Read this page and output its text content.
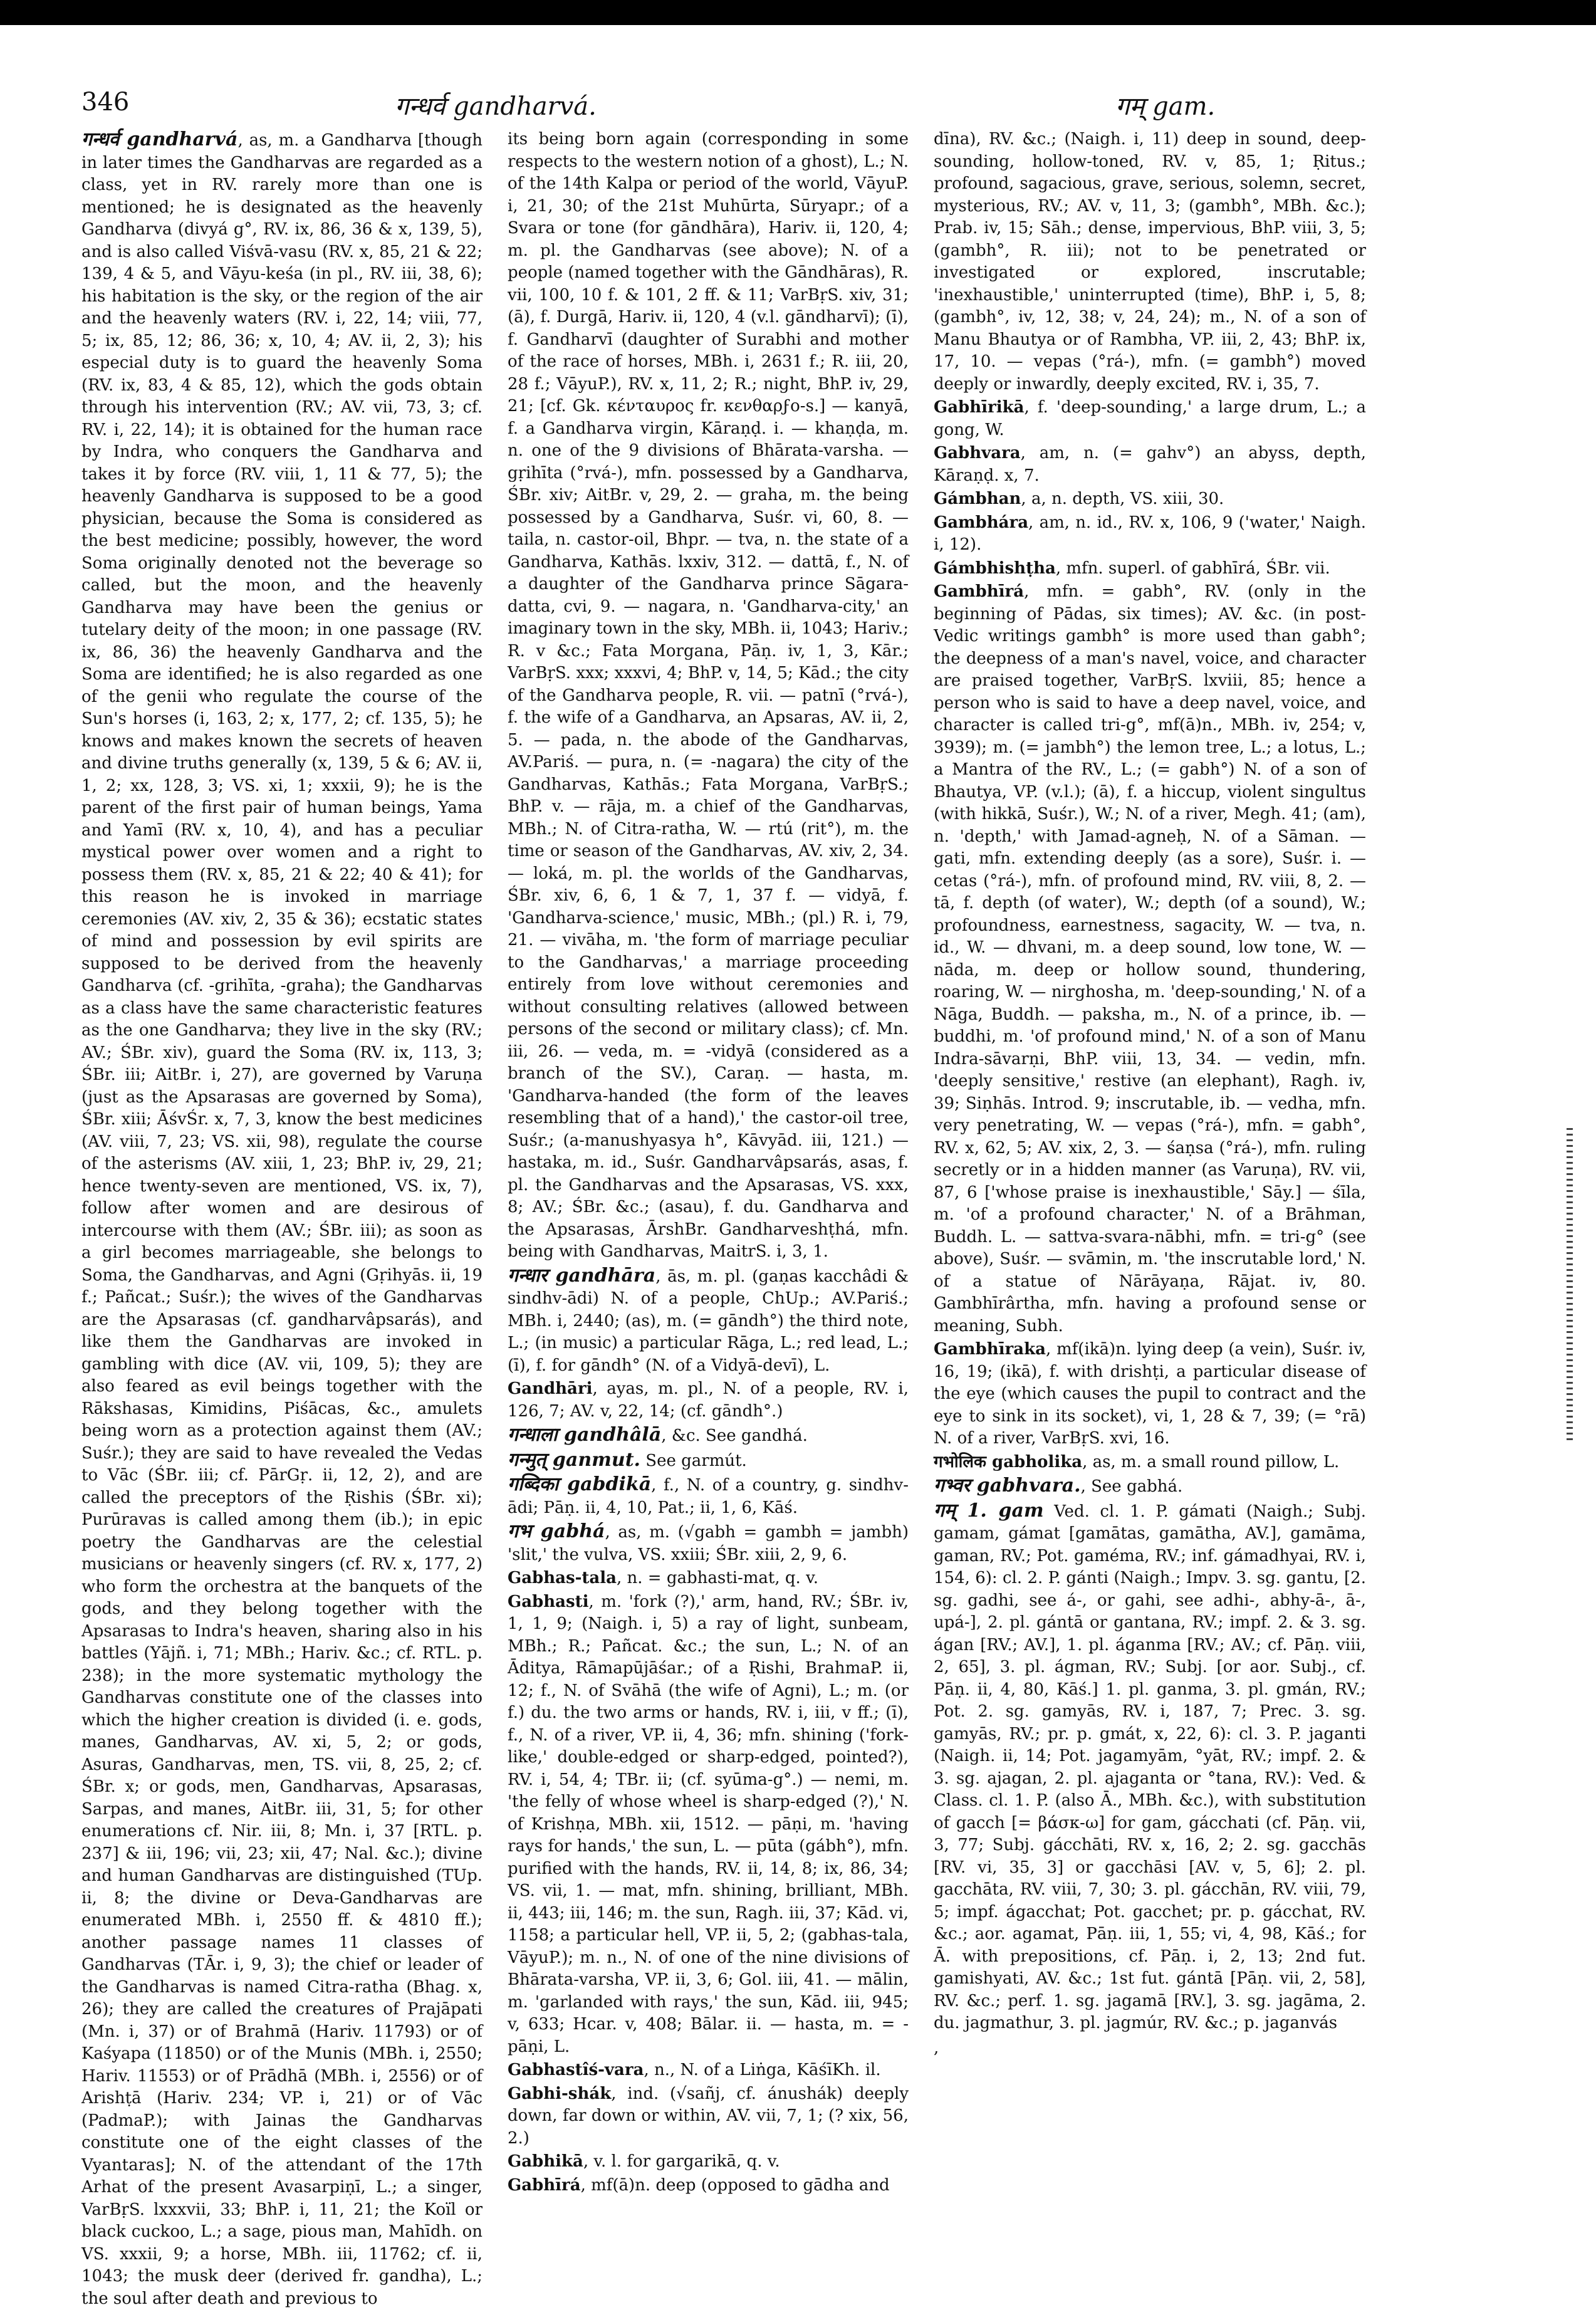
346	गन्धर्व gandharvá.	गम् gam.

गन्धर्व gandharvá, as, m. a Gandharva [though in later times the Gandharvas are regarded as a class, yet in RV. rarely more than one is mentioned; he is designated as the heavenly Gandharva (divyá g°, RV. ix, 86, 36 & x, 139, 5), and is also called Viśvā-vasu (RV. x, 85, 21 & 22; 139, 4 & 5, and Vāyu-keśa (in pl., RV. iii, 38, 6); his habitation is the sky, or the region of the air and the heavenly waters (RV. i, 22, 14; viii, 77, 5; ix, 85, 12; 86, 36; x, 10, 4; AV. ii, 2, 3); his especial duty is to guard the heavenly Soma (RV. ix, 83, 4 & 85, 12), which the gods obtain through his intervention (RV.; AV. vii, 73, 3; cf. RV. i, 22, 14); it is obtained for the human race by Indra, who conquers the Gandharva and takes it by force (RV. viii, 1, 11 & 77, 5); the heavenly Gandharva is supposed to be a good physician, because the Soma is considered as the best medicine; possibly, however, the word Soma originally denoted not the beverage so called, but the moon, and the heavenly Gandharva may have been the genius or tutelary deity of the moon; in one passage (RV. ix, 86, 36) the heavenly Gandharva and the Soma are identified; he is also regarded as one of the genii who regulate the course of the Sun's horses (i, 163, 2; x, 177, 2; cf. 135, 5); he knows and makes known the secrets of heaven and divine truths generally (x, 139, 5 & 6; AV. ii, 1, 2; xx, 128, 3; VS. xi, 1; xxxii, 9); he is the parent of the first pair of human beings, Yama and Yamī (RV. x, 10, 4), and has a peculiar mystical power over women and a right to possess them (RV. x, 85, 21 & 22; 40 & 41); for this reason he is invoked in marriage ceremonies (AV. xiv, 2, 35 & 36); ecstatic states of mind and possession by evil spirits are supposed to be derived from the heavenly Gandharva (cf. -grihīta, -graha); the Gandharvas as a class have the same characteristic features as the one Gandharva; they live in the sky (RV.; AV.; ŚBr. xiv), guard the Soma (RV. ix, 113, 3; ŚBr. iii; AitBr. i, 27), are governed by Varuṇa (just as the Apsarasas are governed by Soma), ŚBr. xiii; ĀśvŚr. x, 7, 3, know the best medicines (AV. viii, 7, 23; VS. xii, 98), regulate the course of the asterisms (AV. xiii, 1, 23; BhP. iv, 29, 21; hence twenty-seven are mentioned, VS. ix, 7), follow after women and are desirous of intercourse with them (AV.; ŚBr. iii); as soon as a girl becomes marriageable, she belongs to Soma, the Gandharvas, and Agni (Gṛihyās. ii, 19 f.; Pañcat.; Suśr.); the wives of the Gandharvas are the Apsarasas (cf. gandharvâpsarás), and like them the Gandharvas are invoked in gambling with dice (AV. vii, 109, 5); they are also feared as evil beings together with the Rākshasas, Kimidins, Piśācas, &c., amulets being worn as a protection against them (AV.; Suśr.); they are said to have revealed the Vedas to Vāc (ŚBr. iii; cf. PārGṛ. ii, 12, 2), and are called the preceptors of the Ṛishis (ŚBr. xi); Purūravas is called among them (ib.); in epic poetry the Gandharvas are the celestial musicians or heavenly singers (cf. RV. x, 177, 2) who form the orchestra at the banquets of the gods, and they belong together with the Apsarasas to Indra's heaven, sharing also in his battles (Yājñ. i, 71; MBh.; Hariv. &c.; cf. RTL. p. 238); in the more systematic mythology the Gandharvas constitute one of the classes into which the higher creation is divided (i. e. gods, manes, Gandharvas, AV. xi, 5, 2; or gods, Asuras, Gandharvas, men, TS. vii, 8, 25, 2; cf. ŚBr. x; or gods, men, Gandharvas, Apsarasas, Sarpas, and manes, AitBr. iii, 31, 5; for other enumerations cf. Nir. iii, 8; Mn. i, 37 [RTL. p. 237] & iii, 196; vii, 23; xii, 47; Nal. &c.); divine and human Gandharvas are distinguished (TUp. ii, 8; the divine or Deva-Gandharvas are enumerated MBh. i, 2550 ff. & 4810 ff.); another passage names 11 classes of Gandharvas (TĀr. i, 9, 3); the chief or leader of the Gandharvas is named Citra-ratha (Bhag. x, 26); they are called the creatures of Prajāpati (Mn. i, 37) or of Brahmā (Hariv. 11793) or of Kaśyapa (11850) or of the Munis (MBh. i, 2550; Hariv. 11553) or of Prādhā (MBh. i, 2556) or of Arishṭā (Hariv. 234; VP. i, 21) or of Vāc (PadmaP.); with Jainas the Gandharvas constitute one of the eight classes of the Vyantaras]; N. of the attendant of the 17th Arhat of the present Avasarpiṇī, L.; a singer, VarBṛS. lxxxvii, 33; BhP. i, 11, 21; the Koïl or black cuckoo, L.; a sage, pious man, Mahīdh. on VS. xxxii, 9; a horse, MBh. iii, 11762; cf. ii, 1043; the musk deer (derived fr. gandha), L.; the soul after death and previous to

its being born again (corresponding in some respects to the western notion of a ghost), L.; N. of the 14th Kalpa or period of the world, VāyuP. i, 21, 30; of the 21st Muhūrta, Sūryapr.; of a Svara or tone (for gāndhāra), Hariv. ii, 120, 4; m. pl. the Gandharvas (see above); N. of a people (named together with the Gāndhāras), R. vii, 100, 10 f. & 101, 2 ff. & 11; VarBṛS. xiv, 31; (ā), f. Durgā, Hariv. ii, 120, 4 (v.l. gāndharvī); (ī), f. Gandharvī (daughter of Surabhi and mother of the race of horses, MBh. i, 2631 f.; R. iii, 20, 28 f.; VāyuP.), RV. x, 11, 2; R.; night, BhP. iv, 29, 21; [cf. Gk. κένταυρος fr. κενθαρϝο-s.] — kanyā, f. a Gandharva virgin, Kāraṇḍ. i. — khaṇḍa, m. n. one of the 9 divisions of Bhārata-varsha. — gṛihīta (°rvá-), mfn. possessed by a Gandharva, ŚBr. xiv; AitBr. v, 29, 2. — graha, m. the being possessed by a Gandharva, Suśr. vi, 60, 8. — taila, n. castor-oil, Bhpr. — tva, n. the state of a Gandharva, Kathās. lxxiv, 312. — dattā, f., N. of a daughter of the Gandharva prince Sāgara-datta, cvi, 9. — nagara, n. 'Gandharva-city,' an imaginary town in the sky, MBh. ii, 1043; Hariv.; R. v &c.; Fata Morgana, Pāṇ. iv, 1, 3, Kār.; VarBṛS. xxx; xxxvi, 4; BhP. v, 14, 5; Kād.; the city of the Gandharva people, R. vii. — patnī (°rvá-), f. the wife of a Gandharva, an Apsaras, AV. ii, 2, 5. — pada, n. the abode of the Gandharvas, AV.Pariś. — pura, n. (= -nagara) the city of the Gandharvas, Kathās.; Fata Morgana, VarBṛS.; BhP. v. — rāja, m. a chief of the Gandharvas, MBh.; N. of Citra-ratha, W. — rtú (rit°), m. the time or season of the Gandharvas, AV. xiv, 2, 34. — loká, m. pl. the worlds of the Gandharvas, ŚBr. xiv, 6, 6, 1 & 7, 1, 37 f. — vidyā, f. 'Gandharva-science,' music, MBh.; (pl.) R. i, 79, 21. — vivāha, m. 'the form of marriage peculiar to the Gandharvas,' a marriage proceeding entirely from love without ceremonies and without consulting relatives (allowed between persons of the second or military class); cf. Mn. iii, 26. — veda, m. = -vidyā (considered as a branch of the SV.), Caraṇ. — hasta, m. 'Gandharva-handed (the form of the leaves resembling that of a hand),' the castor-oil tree, Suśr.; (a-manushyasya h°, Kāvyād. iii, 121.) — hastaka, m. id., Suśr. Gandharvâpsarás, asas, f. pl. the Gandharvas and the Apsarasas, VS. xxx, 8; AV.; ŚBr. &c.; (asau), f. du. Gandharva and the Apsarasas, ĀrshBr. Gandharveshṭhá, mfn. being with Gandharvas, MaitrS. i, 3, 1.

गन्धार gandhāra, ās, m. pl. (gaṇas kacchâdi & sindhv-ādi) N. of a people, ChUp.; AV.Pariś.; MBh. i, 2440; (as), m. (= gāndh°) the third note, L.; (in music) a particular Rāga, L.; red lead, L.; (ī), f. for gāndh° (N. of a Vidyā-devī), L.

Gandhāri, ayas, m. pl., N. of a people, RV. i, 126, 7; AV. v, 22, 14; (cf. gāndh°.)

गन्धाला gandhâlā, &c. See gandhá.

गन्मुत् ganmut. See garmút.

गब्दिका gabdikā, f., N. of a country, g. sindhv-ādi; Pāṇ. ii, 4, 10, Pat.; ii, 1, 6, Kāś.

गभ gabhá, as, m. (√gabh = gambh = jambh) 'slit,' the vulva, VS. xxiii; ŚBr. xiii, 2, 9, 6.

Gabhas-tala, n. = gabhasti-mat, q. v.

Gabhasti, m. 'fork (?),' arm, hand, RV.; ŚBr. iv, 1, 1, 9; (Naigh. i, 5) a ray of light, sunbeam, MBh.; R.; Pañcat. &c.; the sun, L.; N. of an Āditya, Rāmapūjāśar.; of a Ṛishi, BrahmaP. ii, 12; f., N. of Svāhā (the wife of Agni), L.; m. (or f.) du. the two arms or hands, RV. i, iii, v ff.; (ī), f., N. of a river, VP. ii, 4, 36; mfn. shining ('fork-like,' double-edged or sharp-edged, pointed?), RV. i, 54, 4; TBr. ii; (cf. syūma-g°.) — nemi, m. 'the felly of whose wheel is sharp-edged (?),' N. of Krishṇa, MBh. xii, 1512. — pāṇi, m. 'having rays for hands,' the sun, L. — pūta (gábh°), mfn. purified with the hands, RV. ii, 14, 8; ix, 86, 34; VS. vii, 1. — mat, mfn. shining, brilliant, MBh. ii, 443; iii, 146; m. the sun, Ragh. iii, 37; Kād. vi, 1158; a particular hell, VP. ii, 5, 2; (gabhas-tala, VāyuP.); m. n., N. of one of the nine divisions of Bhārata-varsha, VP. ii, 3, 6; Gol. iii, 41. — mālin, m. 'garlanded with rays,' the sun, Kād. iii, 945; v, 633; Hcar. v, 408; Bālar. ii. — hasta, m. = -pāṇi, L.

Gabhastîś-vara, n., N. of a Liṅga, KāśīKh. il.

Gabhi-shák, ind. (√sañj, cf. ánushák) deeply down, far down or within, AV. vii, 7, 1; (? xix, 56, 2.)

Gabhikā, v. l. for gargarikā, q. v.

Gabhīrá, mf(ā)n. deep (opposed to gādha and

dīna), RV. &c.; (Naigh. i, 11) deep in sound, deep-sounding, hollow-toned, RV. v, 85, 1; Ṛitus.; profound, sagacious, grave, serious, solemn, secret, mysterious, RV.; AV. v, 11, 3; (gambh°, MBh. &c.); Prab. iv, 15; Sāh.; dense, impervious, BhP. viii, 3, 5; (gambh°, R. iii); not to be penetrated or investigated or explored, inscrutable; 'inexhaustible,' uninterrupted (time), BhP. i, 5, 8; (gambh°, iv, 12, 38; v, 24, 24); m., N. of a son of Manu Bhautya or of Rambha, VP. iii, 2, 43; BhP. ix, 17, 10. — vepas (°rá-), mfn. (= gambh°) moved deeply or inwardly, deeply excited, RV. i, 35, 7.

Gabhīrikā, f. 'deep-sounding,' a large drum, L.; a gong, W.

Gabhvara, am, n. (= gahv°) an abyss, depth, Kāraṇḍ. x, 7.

Gámbhan, a, n. depth, VS. xiii, 30.

Gambhára, am, n. id., RV. x, 106, 9 ('water,' Naigh. i, 12).

Gámbhishṭha, mfn. superl. of gabhīrá, ŚBr. vii.

Gambhīrá, mfn. = gabh°, RV. (only in the beginning of Pādas, six times); AV. &c. (in post-Vedic writings gambh° is more used than gabh°; the deepness of a man's navel, voice, and character are praised together, VarBṛS. lxviii, 85; hence a person who is said to have a deep navel, voice, and character is called tri-g°, mf(ā)n., MBh. iv, 254; v, 3939); m. (= jambh°) the lemon tree, L.; a lotus, L.; a Mantra of the RV., L.; (= gabh°) N. of a son of Bhautya, VP. (v.l.); (ā), f. a hiccup, violent singultus (with hikkā, Suśr.), W.; N. of a river, Megh. 41; (am), n. 'depth,' with Jamad-agneḥ, N. of a Sāman. — gati, mfn. extending deeply (as a sore), Suśr. i. — cetas (°rá-), mfn. of profound mind, RV. viii, 8, 2. — tā, f. depth (of water), W.; depth (of a sound), W.; profoundness, earnestness, sagacity, W. — tva, n. id., W. — dhvani, m. a deep sound, low tone, W. — nāda, m. deep or hollow sound, thundering, roaring, W. — nirghosha, m. 'deep-sounding,' N. of a Nāga, Buddh. — paksha, m., N. of a prince, ib. — buddhi, m. 'of profound mind,' N. of a son of Manu Indra-sāvarṇi, BhP. viii, 13, 34. — vedin, mfn. 'deeply sensitive,' restive (an elephant), Ragh. iv, 39; Siṇhās. Introd. 9; inscrutable, ib. — vedha, mfn. very penetrating, W. — vepas (°rá-), mfn. = gabh°, RV. x, 62, 5; AV. xix, 2, 3. — śaṇsa (°rá-), mfn. ruling secretly or in a hidden manner (as Varuṇa), RV. vii, 87, 6 ['whose praise is inexhaustible,' Sāy.] — śīla, m. 'of a profound character,' N. of a Brāhman, Buddh. L. — sattva-svara-nābhi, mfn. = tri-g° (see above), Suśr. — svāmin, m. 'the inscrutable lord,' N. of a statue of Nārāyaṇa, Rājat. iv, 80. Gambhīrârtha, mfn. having a profound sense or meaning, Subh.

Gambhīraka, mf(ikā)n. lying deep (a vein), Suśr. iv, 16, 19; (ikā), f. with drishṭi, a particular disease of the eye (which causes the pupil to contract and the eye to sink in its socket), vi, 1, 28 & 7, 39; (= °rā) N. of a river, VarBṛS. xvi, 16.

गभोलिक gabholika, as, m. a small round pillow, L.

गभ्वर gabhvara., See gabhá.

गम् 1. gam Ved. cl. 1. P. gámati (Naigh.; Subj. gamam, gámat [gamātas, gamātha, AV.], gamāma, gaman, RV.; Pot. gaméma, RV.; inf. gámadhyai, RV. i, 154, 6): cl. 2. P. gánti (Naigh.; Impv. 3. sg. gantu, [2. sg. gadhi, see á-, or gahi, see adhi-, abhy-ā-, ā-, upá-], 2. pl. gántā or gantana, RV.; impf. 2. & 3. sg. ágan [RV.; AV.], 1. pl. áganma [RV.; AV.; cf. Pāṇ. viii, 2, 65], 3. pl. ágman, RV.; Subj. [or aor. Subj., cf. Pāṇ. ii, 4, 80, Kāś.] 1. pl. ganma, 3. pl. gmán, RV.; Pot. 2. sg. gamyās, RV. i, 187, 7; Prec. 3. sg. gamyās, RV.; pr. p. gmát, x, 22, 6): cl. 3. P. jaganti (Naigh. ii, 14; Pot. jagamyām, °yāt, RV.; impf. 2. & 3. sg. ajagan, 2. pl. ajaganta or °tana, RV.): Ved. & Class. cl. 1. P. (also Ā., MBh. &c.), with substitution of gacch [= βάσκ-ω] for gam, gácchati (cf. Pāṇ. vii, 3, 77; Subj. gácchāti, RV. x, 16, 2; 2. sg. gacchās [RV. vi, 35, 3] or gacchāsi [AV. v, 5, 6]; 2. pl. gacchāta, RV. viii, 7, 30; 3. pl. gácchān, RV. viii, 79, 5; impf. ágacchat; Pot. gacchet; pr. p. gácchat, RV. &c.; aor. agamat, Pāṇ. iii, 1, 55; vi, 4, 98, Kāś.; for Ā. with prepositions, cf. Pāṇ. i, 2, 13; 2nd fut. gamishyati, AV. &c.; 1st fut. gántā [Pāṇ. vii, 2, 58], RV. &c.; perf. 1. sg. jagamā [RV.], 3. sg. jagāma, 2. du. jagmathur, 3. pl. jagmúr, RV. &c.; p. jaganvás

,
